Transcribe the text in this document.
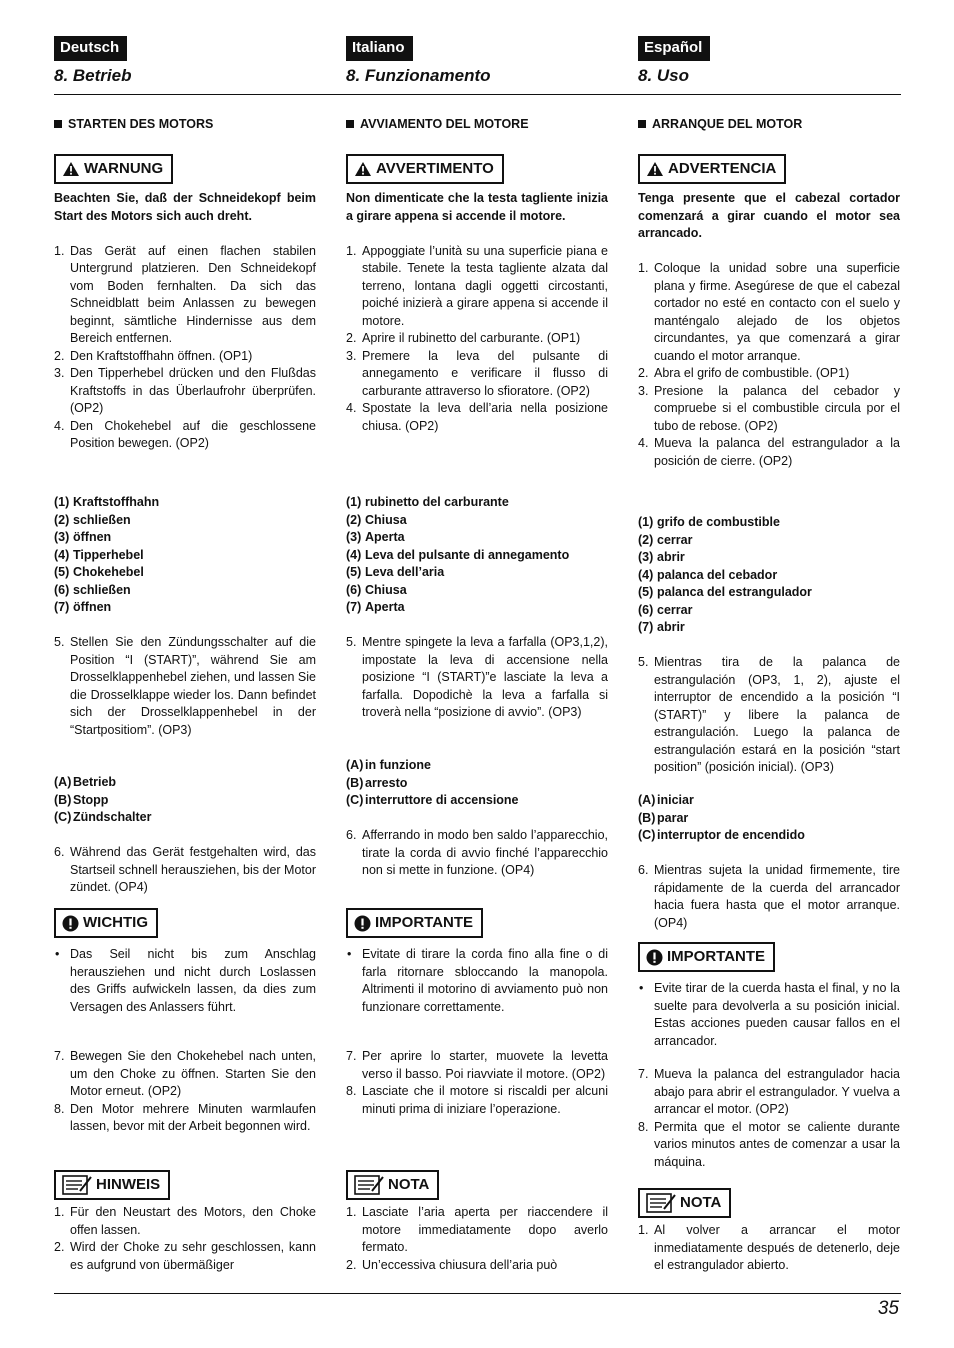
35
Deutsch
8. Betrieb
STARTEN DES MOTORS
WARNUNG

Beachten Sie, daß der Schneidekopf beim Start des Motors sich auch dreht.

1. Das Gerät auf einen flachen stabilen Untergrund platzieren. Den Schneidekopf vom Boden fernhalten. Da sich das Schneidblatt beim Anlassen zu bewegen beginnt, sämtliche Hindernisse aus dem Bereich entfernen.
2. Den Kraftstoffhahn öffnen. (OP1)
3. Den Tipperhebel drücken und den Flußdas Kraftstoffs in das Überlaufrohr überprüfen. (OP2)
4. Den Chokehebel auf die geschlossene Position bewegen. (OP2)
(1) Kraftstoffhahn
(2) schließen
(3) öffnen
(4) Tipperhebel
(5) Chokehebel
(6) schließen
(7) öffnen
5. Stellen Sie den Zündungsschalter auf die Position “I (START)”, während Sie am Drosselklappenhebel ziehen, und lassen Sie die Drosselklappe wieder los. Dann befindet sich der Drosselklappenhebel in der “Startpositiom”. (OP3)
(A) Betrieb
(B) Stopp
(C) Zündschalter
6. Während das Gerät festgehalten wird, das Startseil schnell herausziehen, bis der Motor zündet. (OP4)
WICHTIG
• Das Seil nicht bis zum Anschlag herausziehen und nicht durch Loslassen des Griffs aufwickeln lassen, da dies zum Versagen des Anlassers führt.
7. Bewegen Sie den Chokehebel nach unten, um den Choke zu öffnen. Starten Sie den Motor erneut. (OP2)
8. Den Motor mehrere Minuten warmlaufen lassen, bevor mit der Arbeit begonnen wird.
HINWEIS
1. Für den Neustart des Motors, den Choke offen lassen.
2. Wird der Choke zu sehr geschlossen, kann es aufgrund von übermäßiger
Italiano
8. Funzionamento
AVVIAMENTO DEL MOTORE
AVVERTIMENTO

Non dimenticate che la testa tagliente inizia a girare appena si accende il motore.

1. Appoggiate l’unità su una superficie piana e stabile. Tenete la testa tagliente alzata dal terreno, lontana dagli oggetti circostanti, poiché inizierà a girare appena si accende il motore.
2. Aprire il rubinetto del carburante. (OP1)
3. Premere la leva del pulsante di annegamento e verificare il flusso di carburante attraverso lo sfioratore. (OP2)
4. Spostate la leva dell’aria nella posizione chiusa. (OP2)
(1) rubinetto del carburante
(2) Chiusa
(3) Aperta
(4) Leva del pulsante di annegamento
(5) Leva dell’aria
(6) Chiusa
(7) Aperta
5. Mentre spingete la leva a farfalla (OP3,1,2), impostate la leva di accensione nella posizione “I (START)”e lasciate la leva a farfalla. Dopodichè la leva a farfalla si troverà nella “posizione di avvio”. (OP3)
(A) in funzione
(B) arresto
(C) interruttore di accensione
6. Afferrando in modo ben saldo l’apparecchio, tirate la corda di avvio finché l’apparecchio non si mette in funzione. (OP4)
IMPORTANTE
• Evitate di tirare la corda fino alla fine o di farla ritornare sbloccando la manopola. Altrimenti il motorino di avviamento può non funzionare correttamente.
7. Per aprire lo starter, muovete la levetta verso il basso. Poi riavviate il motore. (OP2)
8. Lasciate che il motore si riscaldi per alcuni minuti prima di iniziare l’operazione.
NOTA
1. Lasciate l’aria aperta per riaccendere il motore immediatamente dopo averlo fermato.
2. Un’eccessiva chiusura dell’aria può
Español
8. Uso
ARRANQUE DEL MOTOR
ADVERTENCIA

Tenga presente que el cabezal cortador comenzará a girar cuando el motor sea arrancado.

1. Coloque la unidad sobre una superficie plana y firme. Asegúrese de que el cabezal cortador no esté en contacto con el suelo y manténgalo alejado de los objetos circundantes, ya que comenzará a girar cuando el motor arranque.
2. Abra el grifo de combustible. (OP1)
3. Presione la palanca del cebador y compruebe si el combustible circula por el tubo de rebose. (OP2)
4. Mueva la palanca del estrangulador a la posición de cierre. (OP2)
(1) grifo de combustible
(2) cerrar
(3) abrir
(4) palanca del cebador
(5) palanca del estrangulador
(6) cerrar
(7) abrir
5. Mientras tira de la palanca de estrangulación (OP3, 1, 2), ajuste el interruptor de encendido a la posición “I (START)” y libere la palanca de estrangulación. Luego la palanca de estrangulación estará en la posición “start position” (posición inicial). (OP3)
(A) iniciar
(B) parar
(C) interruptor de encendido
6. Mientras sujeta la unidad firmemente, tire rápidamente de la cuerda del arrancador hacia fuera hasta que el motor arranque. (OP4)
IMPORTANTE
• Evite tirar de la cuerda hasta el final, y no la suelte para devolverla a su posición inicial. Estas acciones pueden causar fallos en el arrancador.
7. Mueva la palanca del estrangulador hacia abajo para abrir el estrangulador. Y vuelva a arrancar el motor. (OP2)
8. Permita que el motor se caliente durante varios minutos antes de comenzar a usar la máquina.
NOTA
1. Al volver a arrancar el motor inmediatamente después de detenerlo, deje el estrangulador abierto.
